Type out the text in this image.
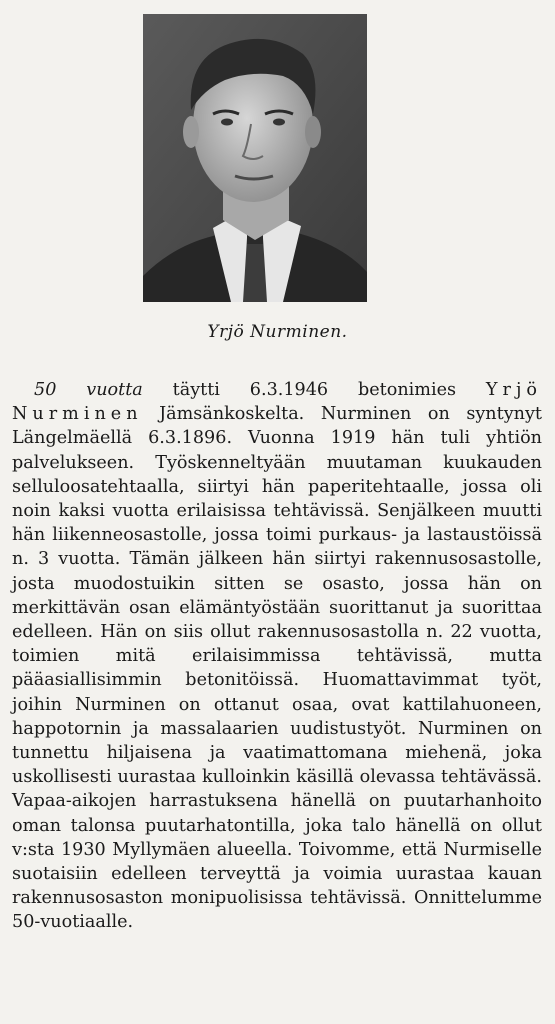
Yrjö Nurminen.

50 vuotta täytti 6.3.1946 betonimies Yrjö Nurminen Jämsänkoskelta. Nurminen on syntynyt Längelmäellä 6.3.1896. Vuonna 1919 hän tuli yhtiön palvelukseen. Työskenneltyään muutaman kuukauden selluloosatehtaalla, siirtyi hän paperitehtaalle, jossa oli noin kaksi vuotta erilaisissa tehtävissä. Senjälkeen muutti hän liikenneosastolle, jossa toimi purkaus- ja lastaustöissä n. 3 vuotta. Tämän jälkeen hän siirtyi rakennusosastolle, josta muodostuikin sitten se osasto, jossa hän on merkittävän osan elämäntyöstään suorittanut ja suorittaa edelleen. Hän on siis ollut rakennusosastolla n. 22 vuotta, toimien mitä erilaisimmissa tehtävissä, mutta pääasiallisimmin betonitöissä. Huomattavimmat työt, joihin Nurminen on ottanut osaa, ovat kattilahuoneen, happotornin ja massalaarien uudistustyöt. Nurminen on tunnettu hiljaisena ja vaatimattomana miehenä, joka uskollisesti uurastaa kulloinkin käsillä olevassa tehtävässä. Vapaa-aikojen harrastuksena hänellä on puutarhanhoito oman talonsa puutarhatontilla, joka talo hänellä on ollut v:sta 1930 Myllymäen alueella. Toivomme, että Nurmiselle suotaisiin edelleen terveyttä ja voimia uurastaa kauan rakennusosaston monipuolisissa tehtävissä. Onnittelumme 50-vuotiaalle.
